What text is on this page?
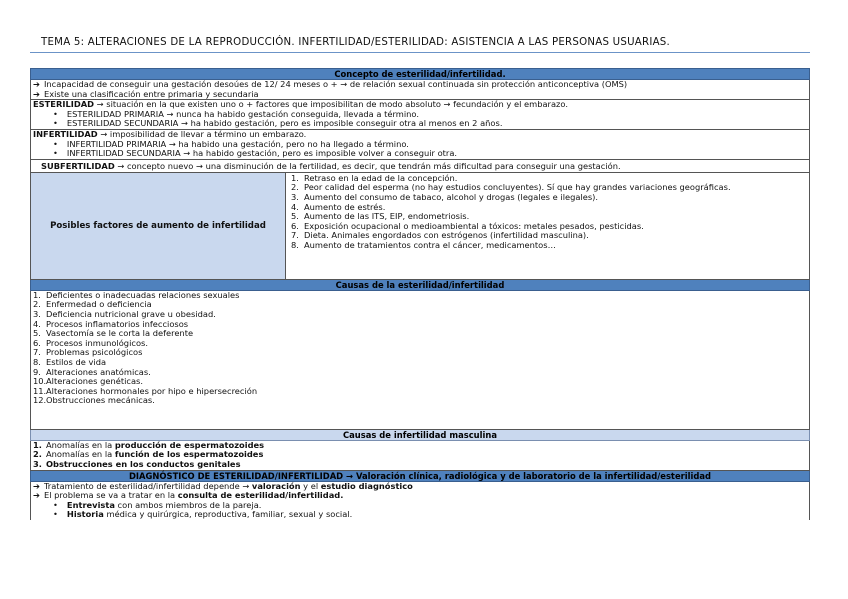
TEMA 5: ALTERACIONES DE LA REPRODUCCIÓN. INFERTILIDAD/ESTERILIDAD: ASISTENCIA A LAS PERSONAS USUARIAS.
Concepto de esterilidad/infertilidad.
➔ Incapacidad de conseguir una gestación desoúes de 12/ 24 meses o + → de relación sexual continuada sin protección anticonceptiva (OMS)
➔ Existe una clasificación entre primaria y secundaria
ESTERILIDAD → situación en la que existen uno o + factores que imposibilitan de modo absoluto → fecundación y el embarazo.
• ESTERILIDAD PRIMARIA → nunca ha habido gestación conseguida, llevada a término.
• ESTERILIDAD SECUNDARIA → ha habido gestación, pero es imposible conseguir otra al menos en 2 años.
INFERTILIDAD → imposibilidad de llevar a término un embarazo.
• INFERTILIDAD PRIMARIA → ha habido una gestación, pero no ha llegado a término.
• INFERTILIDAD SECUNDARIA → ha habido gestación, pero es imposible volver a conseguir otra.
SUBFERTILIDAD → concepto nuevo → una disminución de la fertilidad, es decir, que tendrán más dificultad para conseguir una gestación.
Posibles factores de aumento de infertilidad
1. Retraso en la edad de la concepción.
2. Peor calidad del esperma (no hay estudios concluyentes). Sí que hay grandes variaciones geográficas.
3. Aumento del consumo de tabaco, alcohol y drogas (legales e ilegales).
4. Aumento de estrés.
5. Aumento de las ITS, EIP, endometriosis.
6. Exposición ocupacional o medioambiental a tóxicos: metales pesados, pesticidas.
7. Dieta. Animales engordados con estrógenos (infertilidad masculina).
8. Aumento de tratamientos contra el cáncer, medicamentos…
Causas de la esterilidad/infertilidad
1. Deficientes o inadecuadas relaciones sexuales
2. Enfermedad o deficiencia
3. Deficiencia nutricional grave u obesidad.
4. Procesos inflamatorios infecciosos
5. Vasectomía se le corta la deferente
6. Procesos inmunológicos.
7. Problemas psicológicos
8. Estilos de vida
9. Alteraciones anatómicas.
10.Alteraciones genéticas.
11.Alteraciones hormonales por hipo e hipersecreción
12.Obstrucciones mecánicas.
Causas de infertilidad masculina
1. Anomalías en la producción de espermatozoides
2. Anomalías en la función de los espermatozoides
3. Obstrucciones en los conductos genitales
DIAGNÓSTICO DE ESTERILIDAD/INFERTILIDAD → Valoración clínica, radiológica y de laboratorio de la infertilidad/esterilidad
➔ Tratamiento de esterilidad/infertilidad depende → valoración y el estudio diagnóstico
➔ El problema se va a tratar en la consulta de esterilidad/infertilidad.
• Entrevista con ambos miembros de la pareja.
• Historia médica y quirúrgica, reproductiva, familiar, sexual y social.
